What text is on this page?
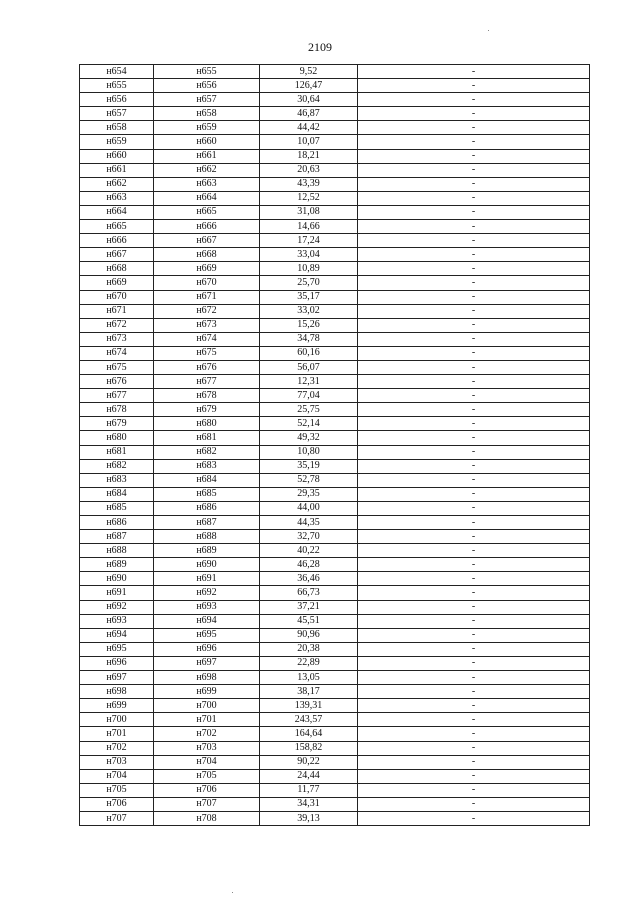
2109
н654	н655	9,52	-
н655	н656	126,47	-
н656	н657	30,64	-
н657	н658	46,87	-
н658	н659	44,42	-
н659	н660	10,07	-
н660	н661	18,21	-
н661	н662	20,63	-
н662	н663	43,39	-
н663	н664	12,52	-
н664	н665	31,08	-
н665	н666	14,66	-
н666	н667	17,24	-
н667	н668	33,04	-
н668	н669	10,89	-
н669	н670	25,70	-
н670	н671	35,17	-
н671	н672	33,02	-
н672	н673	15,26	-
н673	н674	34,78	-
н674	н675	60,16	-
н675	н676	56,07	-
н676	н677	12,31	-
н677	н678	77,04	-
н678	н679	25,75	-
н679	н680	52,14	-
н680	н681	49,32	-
н681	н682	10,80	-
н682	н683	35,19	-
н683	н684	52,78	-
н684	н685	29,35	-
н685	н686	44,00	-
н686	н687	44,35	-
н687	н688	32,70	-
н688	н689	40,22	-
н689	н690	46,28	-
н690	н691	36,46	-
н691	н692	66,73	-
н692	н693	37,21	-
н693	н694	45,51	-
н694	н695	90,96	-
н695	н696	20,38	-
н696	н697	22,89	-
н697	н698	13,05	-
н698	н699	38,17	-
н699	н700	139,31	-
н700	н701	243,57	-
н701	н702	164,64	-
н702	н703	158,82	-
н703	н704	90,22	-
н704	н705	24,44	-
н705	н706	11,77	-
н706	н707	34,31	-
н707	н708	39,13	-
